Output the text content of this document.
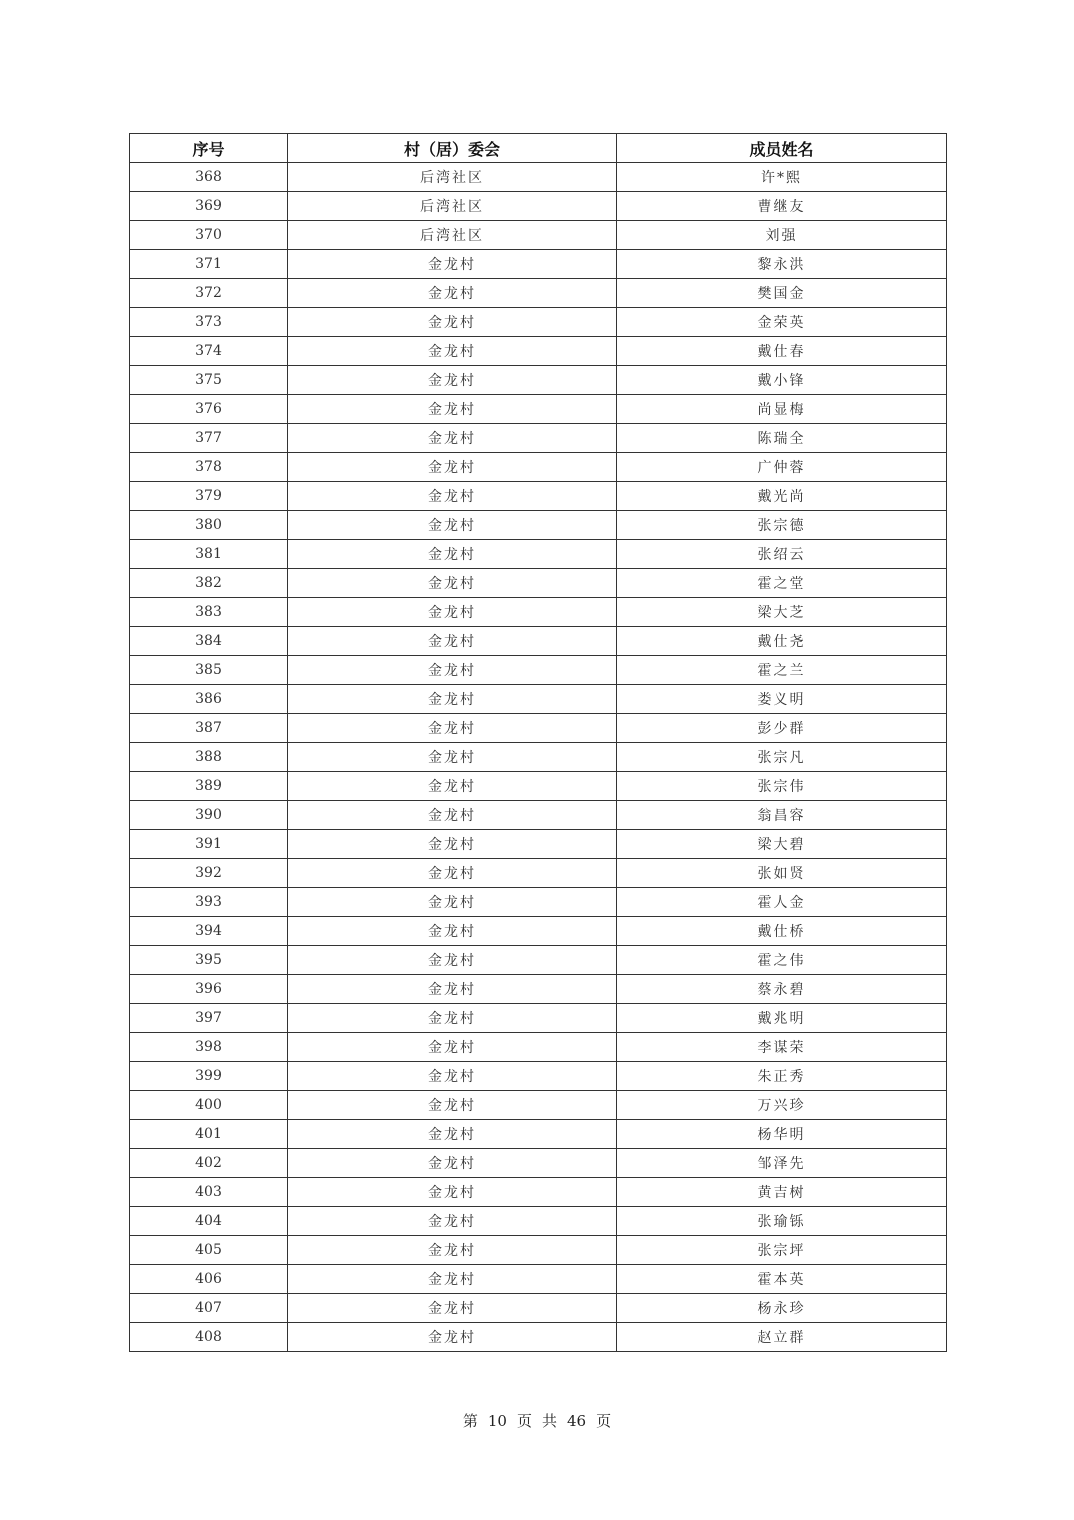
序号	村（居）委会	成员姓名
368	后湾社区	许*熙
369	后湾社区	曹继友
370	后湾社区	刘强
371	金龙村	黎永洪
372	金龙村	樊国金
373	金龙村	金荣英
374	金龙村	戴仕春
375	金龙村	戴小锋
376	金龙村	尚显梅
377	金龙村	陈瑞全
378	金龙村	广仲蓉
379	金龙村	戴光尚
380	金龙村	张宗德
381	金龙村	张绍云
382	金龙村	霍之堂
383	金龙村	梁大芝
384	金龙村	戴仕尧
385	金龙村	霍之兰
386	金龙村	娄义明
387	金龙村	彭少群
388	金龙村	张宗凡
389	金龙村	张宗伟
390	金龙村	翁昌容
391	金龙村	梁大碧
392	金龙村	张如贤
393	金龙村	霍人金
394	金龙村	戴仕桥
395	金龙村	霍之伟
396	金龙村	蔡永碧
397	金龙村	戴兆明
398	金龙村	李谋荣
399	金龙村	朱正秀
400	金龙村	万兴珍
401	金龙村	杨华明
402	金龙村	邹泽先
403	金龙村	黄吉树
404	金龙村	张瑜铄
405	金龙村	张宗坪
406	金龙村	霍本英
407	金龙村	杨永珍
408	金龙村	赵立群
第 10 页 共 46 页
